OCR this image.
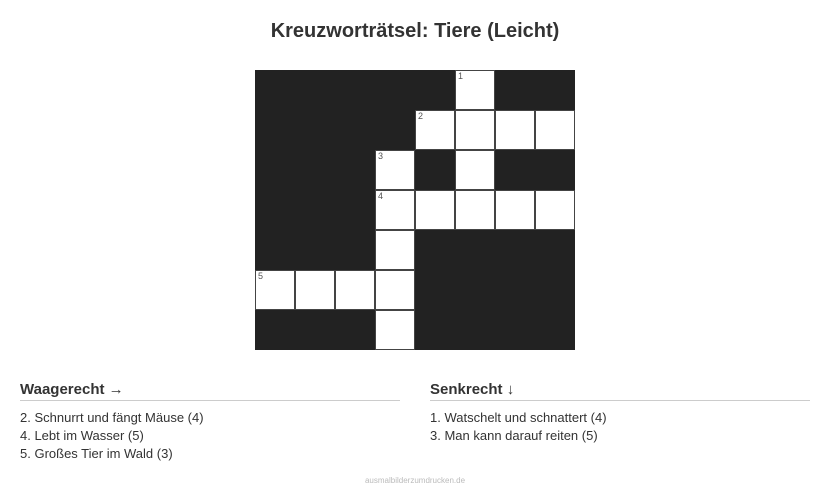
Kreuzworträtsel: Tiere (Leicht)
1
2
3
4
5
Waagerecht →
2. Schnurrt und fängt Mäuse (4)
4. Lebt im Wasser (5)
5. Großes Tier im Wald (3)
Senkrecht ↓
1. Watschelt und schnattert (4)
3. Man kann darauf reiten (5)
ausmalbilderzumdrucken.de
